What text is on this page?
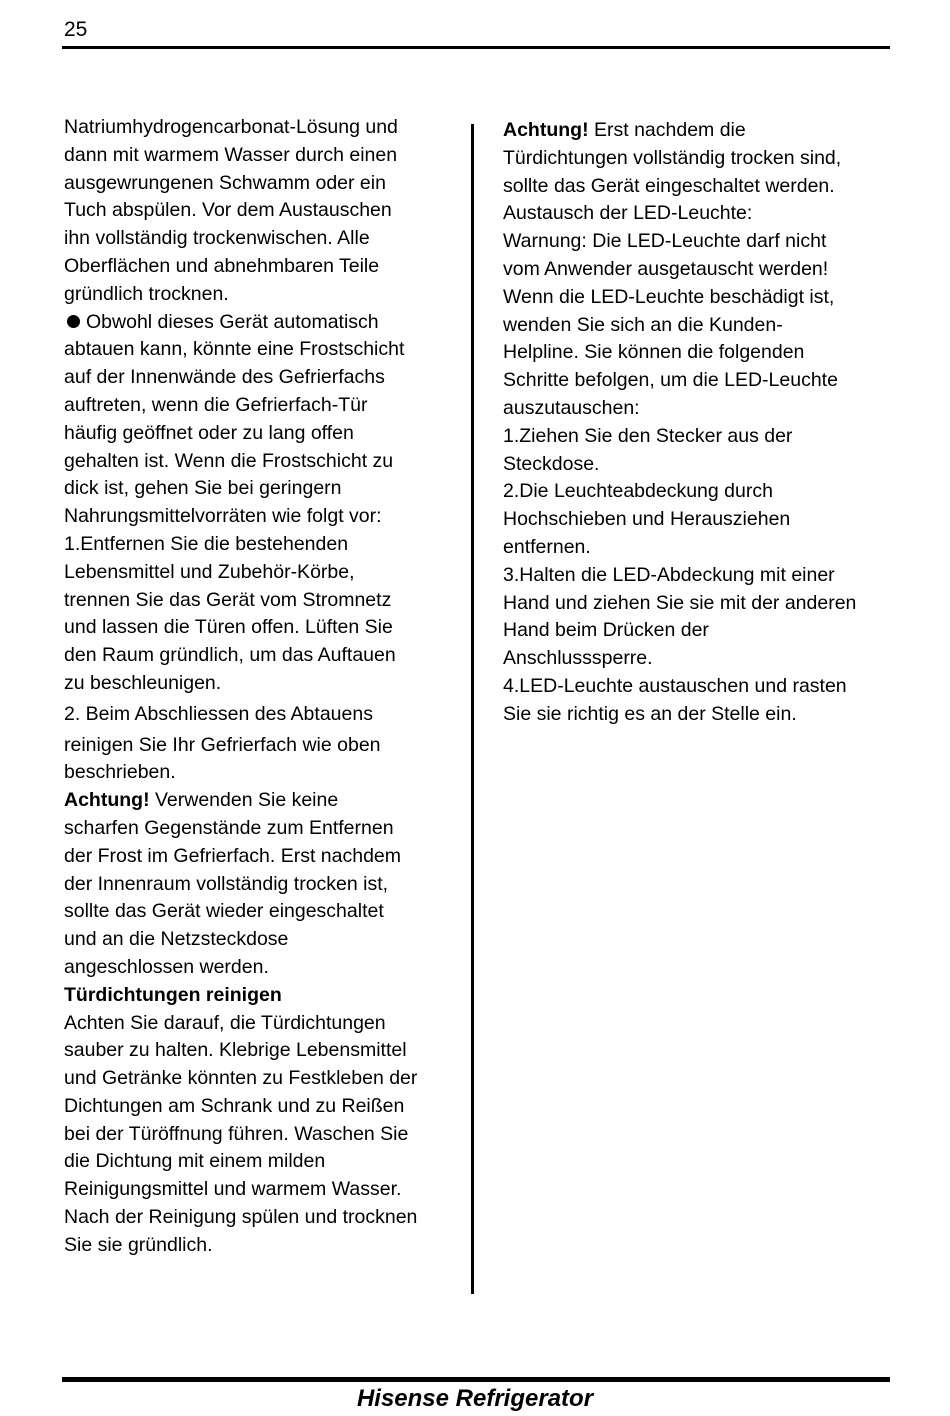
25
Natriumhydrogencarbonat-Lösung und
dann mit warmem Wasser durch einen
ausgewrungenen Schwamm oder ein
Tuch abspülen. Vor dem Austauschen
ihn vollständig trockenwischen. Alle
Oberflächen und abnehmbaren Teile
gründlich trocknen.
Obwohl dieses Gerät automatisch
abtauen kann, könnte eine Frostschicht
auf der Innenwände des Gefrierfachs
auftreten, wenn die Gefrierfach-Tür
häufig geöffnet oder zu lang offen
gehalten ist. Wenn die Frostschicht zu
dick ist, gehen Sie bei geringern
Nahrungsmittelvorräten wie folgt vor:
1.Entfernen Sie die bestehenden
Lebensmittel und Zubehör-Körbe,
trennen Sie das Gerät vom Stromnetz
und lassen die Türen offen. Lüften Sie
den Raum gründlich, um das Auftauen
zu beschleunigen.
2. Beim Abschliessen des Abtauens
reinigen Sie Ihr Gefrierfach wie oben
beschrieben.
Achtung! Verwenden Sie keine
scharfen Gegenstände zum Entfernen
der Frost im Gefrierfach. Erst nachdem
der Innenraum vollständig trocken ist,
sollte das Gerät wieder eingeschaltet
und an die Netzsteckdose
angeschlossen werden.
Türdichtungen reinigen
Achten Sie darauf, die Türdichtungen
sauber zu halten. Klebrige Lebensmittel
und Getränke könnten zu Festkleben der
Dichtungen am Schrank und zu Reißen
bei der Türöffnung führen. Waschen Sie
die Dichtung mit einem milden
Reinigungsmittel und warmem Wasser.
Nach der Reinigung spülen und trocknen
Sie sie gründlich.
Achtung! Erst nachdem die
Türdichtungen vollständig trocken sind,
sollte das Gerät eingeschaltet werden.
Austausch der LED-Leuchte:
Warnung: Die LED-Leuchte darf nicht
vom Anwender ausgetauscht werden!
Wenn die LED-Leuchte beschädigt ist,
wenden Sie sich an die Kunden-
Helpline. Sie können die folgenden
Schritte befolgen, um die LED-Leuchte
auszutauschen:
1.Ziehen Sie den Stecker aus der
Steckdose.
2.Die Leuchteabdeckung durch
Hochschieben und Herausziehen
entfernen.
3.Halten die LED-Abdeckung mit einer
Hand und ziehen Sie sie mit der anderen
Hand beim Drücken der
Anschlusssperre.
4.LED-Leuchte austauschen und rasten
Sie sie richtig es an der Stelle ein.
Hisense Refrigerator
